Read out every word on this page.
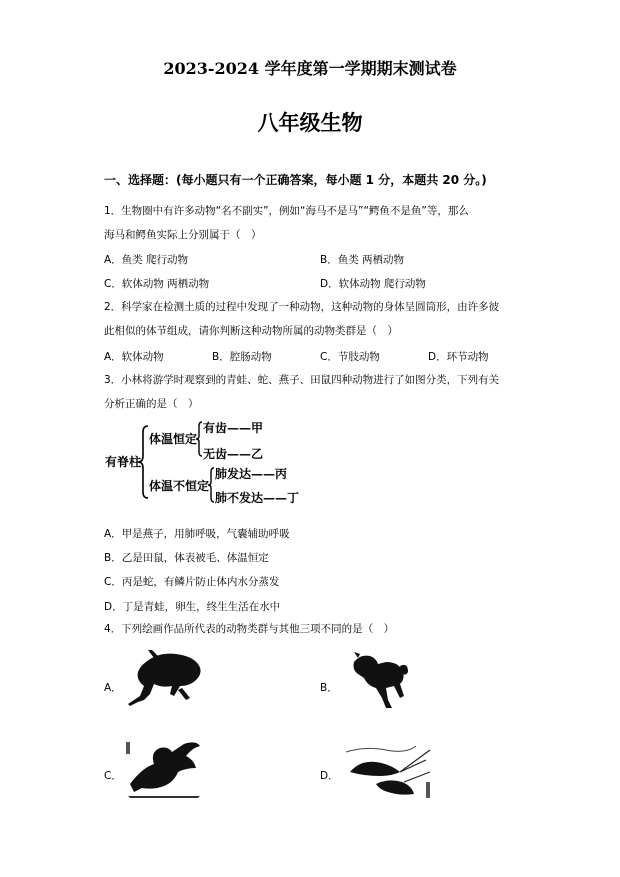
2023-2024 学年度第一学期期末测试卷
八年级生物
一、选择题：(每小题只有一个正确答案，每小题 1 分，本题共 20 分。)
1．生物圈中有许多动物“名不副实”，例如“海马不是马”“鳄鱼不是鱼”等，那么
海马和鳄鱼实际上分别属于（　）
A．鱼类 爬行动物	B．鱼类 两栖动物
C．软体动物 两栖动物	D．软体动物 爬行动物
2．科学家在检测土质的过程中发现了一种动物，这种动物的身体呈圆筒形，由许多彼
此相似的体节组成，请你判断这种动物所属的动物类群是（　）
A．软体动物	B．腔肠动物	C．节肢动物	D．环节动物
3．小林将游学时观察到的青蛙、蛇、燕子、田鼠四种动物进行了如图分类，下列有关
分析正确的是（　）
有脊柱
体温恒定
有齿——甲
无齿——乙
体温不恒定
肺发达——丙
肺不发达——丁
A．甲是燕子，用肺呼吸，气囊辅助呼吸
B．乙是田鼠，体表被毛、体温恒定
C．丙是蛇，有鳞片防止体内水分蒸发
D．丁是青蛙，卵生，终生生活在水中
4．下列绘画作品所代表的动物类群与其他三项不同的是（　）
A．	B．
C．	D．
